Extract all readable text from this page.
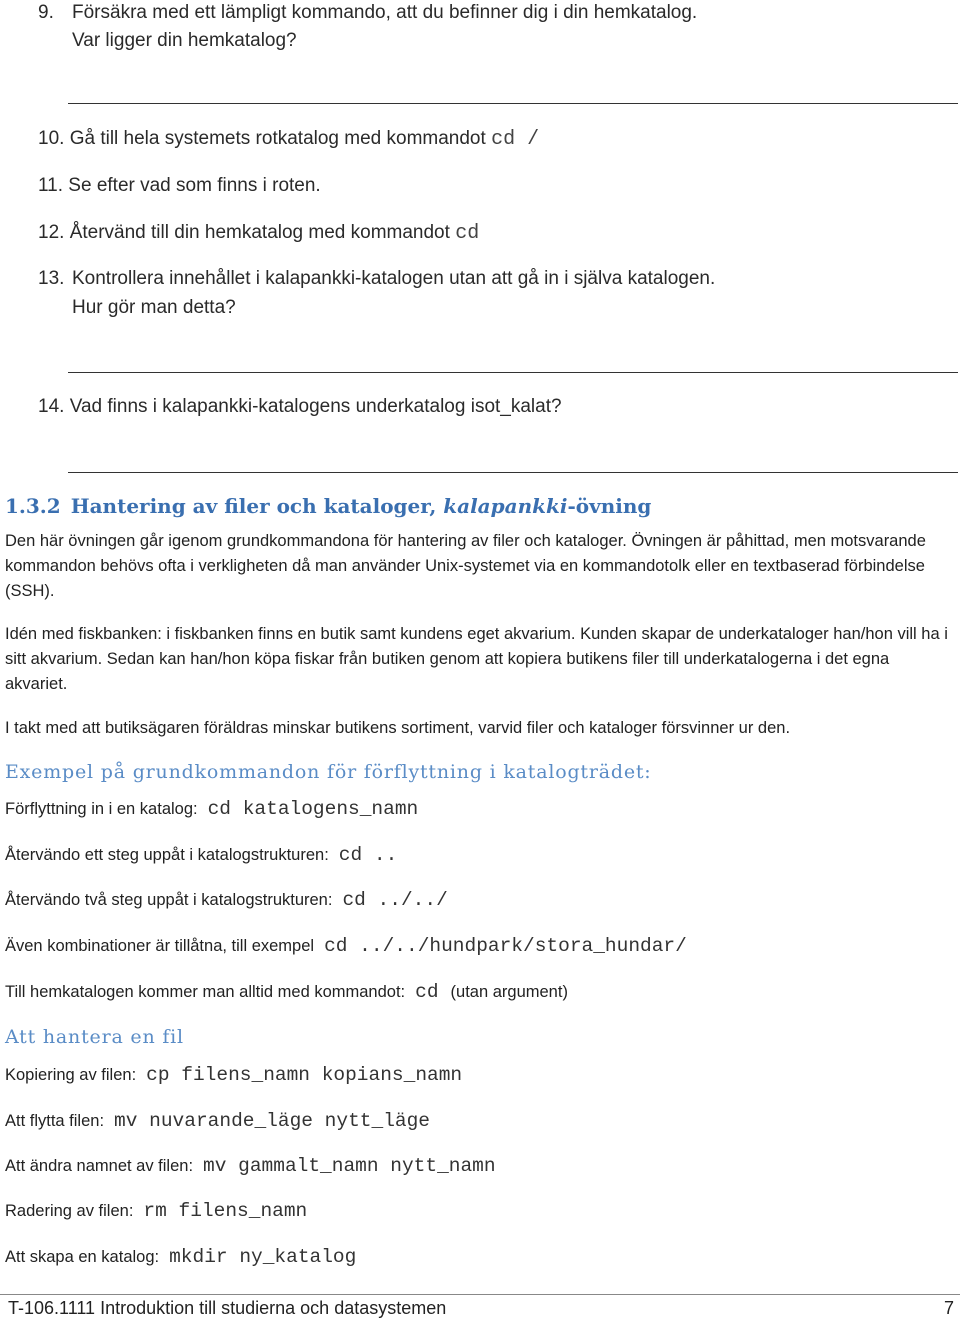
9. Försäkra med ett lämpligt kommando, att du befinner dig i din hemkatalog.
Var ligger din hemkatalog?
10. Gå till hela systemets rotkatalog med kommandot cd /
11. Se efter vad som finns i roten.
12. Återvänd till din hemkatalog med kommandot cd
13. Kontrollera innehållet i kalapankki-katalogen utan att gå in i själva katalogen.
Hur gör man detta?
14. Vad finns i kalapankki-katalogens underkatalog isot_kalat?
1.3.2 Hantering av filer och kataloger, kalapankki-övning

Den här övningen går igenom grundkommandona för hantering av filer och kataloger. Övningen är påhittad, men motsvarande kommandon behövs ofta i verkligheten då man använder Unix-systemet via en kommandotolk eller en textbaserad förbindelse (SSH).

Idén med fiskbanken: i fiskbanken finns en butik samt kundens eget akvarium. Kunden skapar de underkataloger han/hon vill ha i sitt akvarium. Sedan kan han/hon köpa fiskar från butiken genom att kopiera butikens filer till underkatalogerna i det egna akvariet.

I takt med att butiksägaren föräldras minskar butikens sortiment, varvid filer och kataloger försvinner ur den.

Exempel på grundkommandon för förflyttning i katalogträdet:
Förflyttning in i en katalog: cd katalogens_namn
Återvändo ett steg uppåt i katalogstrukturen: cd ..
Återvändo två steg uppåt i katalogstrukturen: cd ../../
Även kombinationer är tillåtna, till exempel cd ../../hundpark/stora_hundar/
Till hemkatalogen kommer man alltid med kommandot: cd (utan argument)
Att hantera en fil
Kopiering av filen: cp filens_namn kopians_namn
Att flytta filen: mv nuvarande_läge nytt_läge
Att ändra namnet av filen: mv gammalt_namn nytt_namn
Radering av filen: rm filens_namn
Att skapa en katalog: mkdir ny_katalog
T-106.1111 Introduktion till studierna och datasystemen	7
